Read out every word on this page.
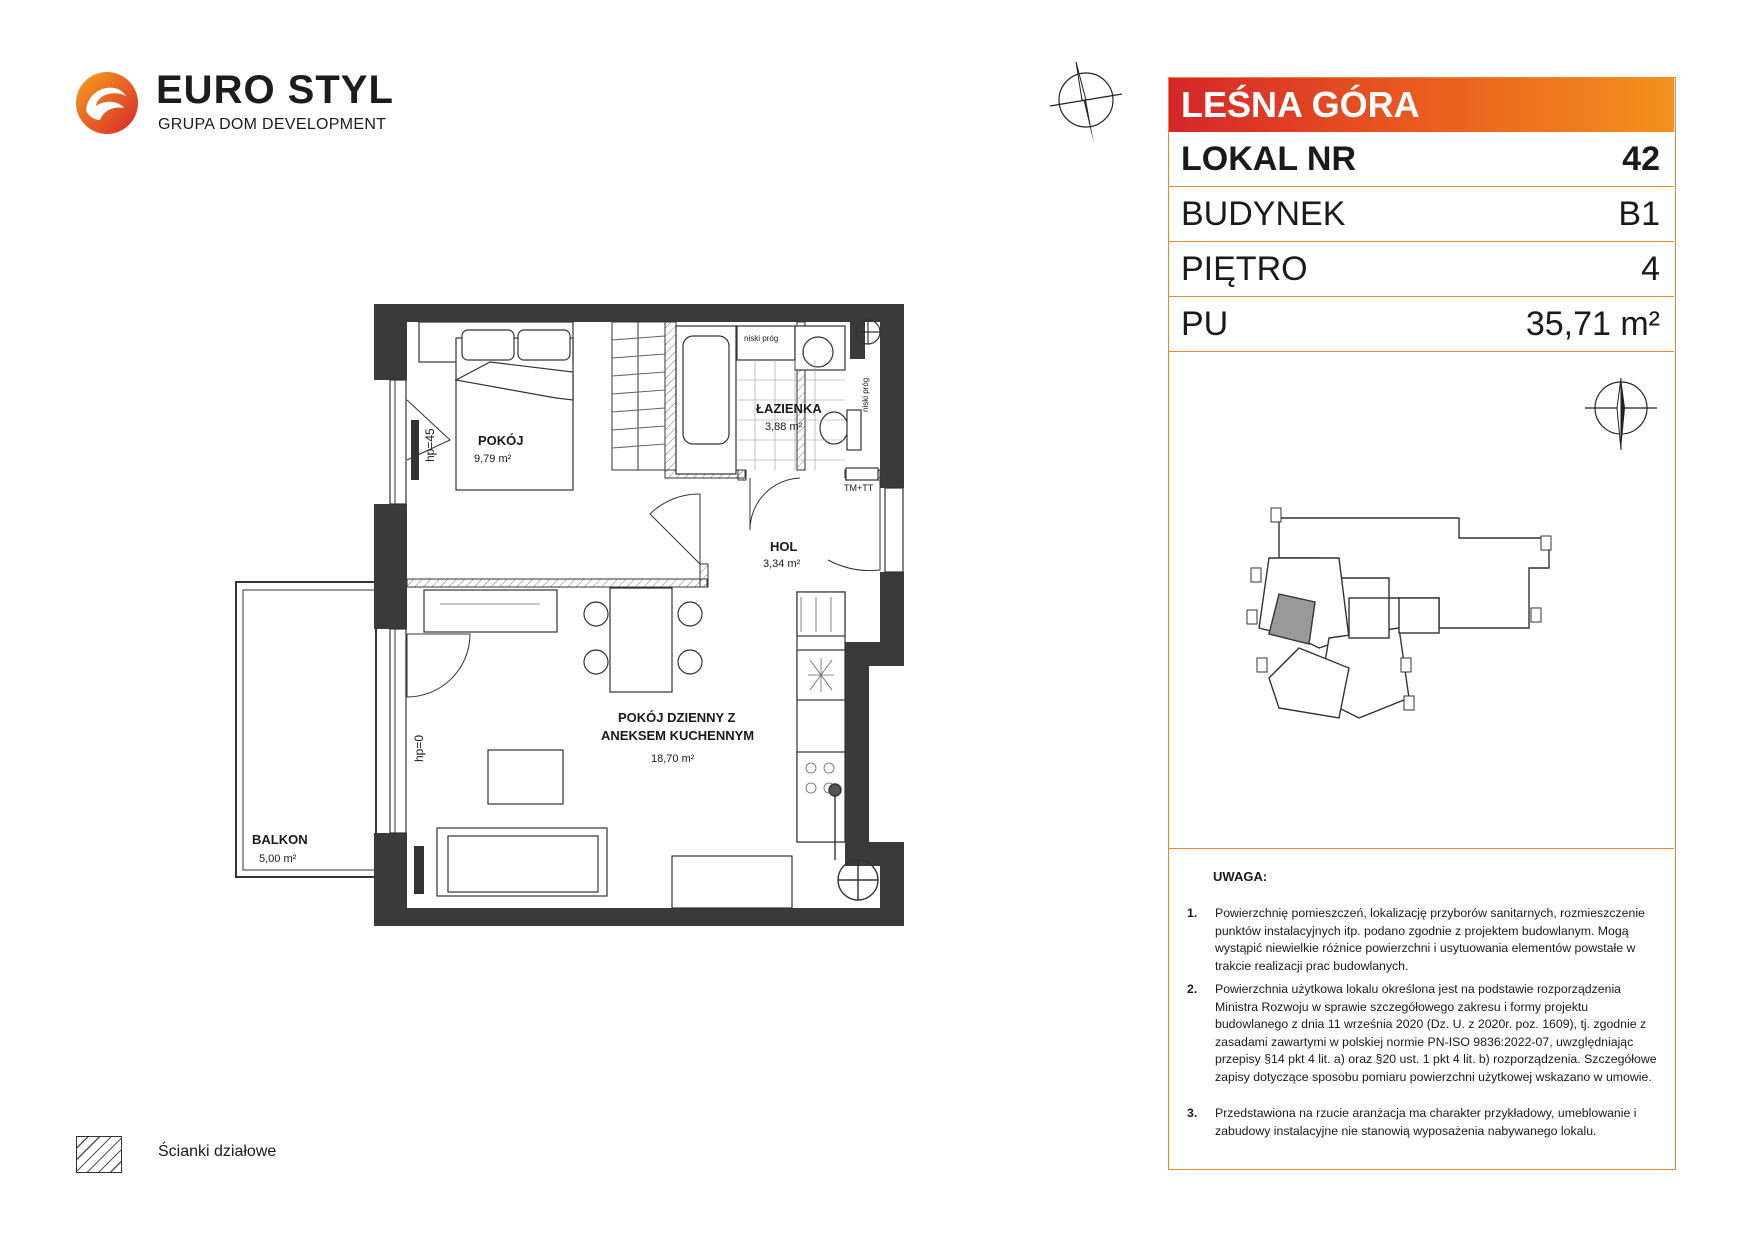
EURO STYL
GRUPA DOM DEVELOPMENT
POKÓJ
9,79 m²
ŁAZIENKA
3,88 m²
HOL
3,34 m²
POKÓJ DZIENNY Z
ANEKSEM KUCHENNYM
18,70 m²
BALKON
5,00 m²
hp=45
hp=0
niski próg
niski próg
TM+TT
LEŚNA GÓRA
LOKAL NR	42
BUDYNEK	B1
PIĘTRO	4
PU	35,71 m²
UWAGA:
1. Powierzchnię pomieszczeń, lokalizację przyborów sanitarnych, rozmieszczenie punktów instalacyjnych itp. podano zgodnie z projektem budowlanym. Mogą wystąpić niewielkie różnice powierzchni i usytuowania elementów powstałe w trakcie realizacji prac budowlanych.
2. Powierzchnia użytkowa lokalu określona jest na podstawie rozporządzenia Ministra Rozwoju w sprawie szczegółowego zakresu i formy projektu budowlanego z dnia 11 września 2020 (Dz. U. z 2020r. poz. 1609), tj. zgodnie z zasadami zawartymi w polskiej normie PN-ISO 9836:2022-07, uwzględniając przepisy §14 pkt 4 lit. a) oraz §20 ust. 1 pkt 4 lit. b) rozporządzenia. Szczegółowe zapisy dotyczące sposobu pomiaru powierzchni użytkowej wskazano w umowie.
3. Przedstawiona na rzucie aranżacja ma charakter przykładowy, umeblowanie i zabudowy instalacyjne nie stanowią wyposażenia nabywanego lokalu.
Ścianki działowe
